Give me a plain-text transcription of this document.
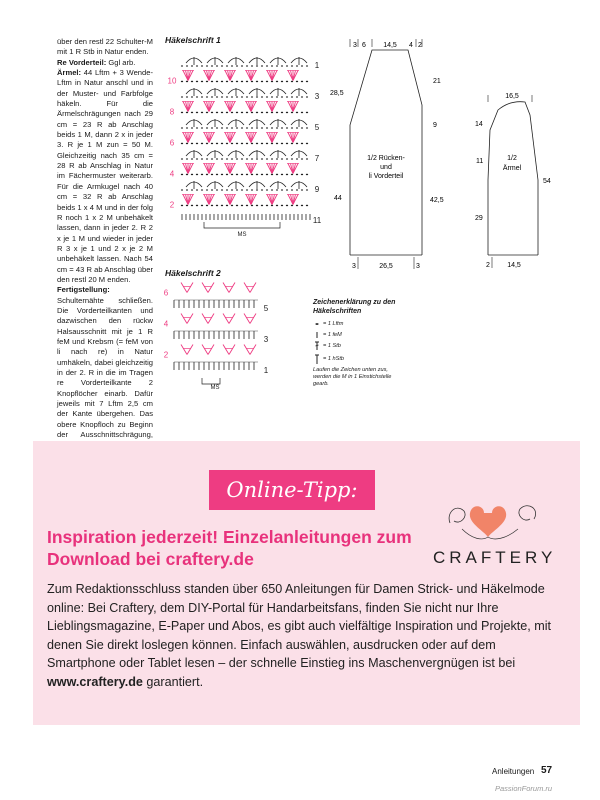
über den restl 22 Schulter-M mit 1 R Stb in Natur enden.

Re Vorderteil: Ggl arb.

Ärmel: 44 Lftm + 3 Wende-Lftm in Natur anschl und in der Muster- und Farbfolge häkeln. Für die Ärmelschrägungen nach 29 cm = 23 R ab Anschlag beids 1 M, dann 2 x in jeder 3. R je 1 M zun = 50 M. Gleichzeitig nach 35 cm = 28 R ab Anschlag in Natur im Fächermuster weiterarb. Für die Armkugel nach 40 cm = 32 R ab Anschlag beids 1 x 4 M und in der folg R noch 1 x 2 M unbehäkelt lassen, dann in jeder 2. R 2 x je 1 M und wieder in jeder R 3 x je 1 und 2 x je 2 M unbehäkelt lassen. Nach 54 cm = 43 R ab Anschlag über den restl 20 M enden.

Fertigstellung: Schulternähte schließen. Die Vorderteilkanten und dazwischen den rückw Halsausschnitt mit je 1 R feM und Krebsm (= feM von li nach re) in Natur umhäkeln, dabei gleichzeitig in der 2. R in die im Tragen re Vorderteilkante 2 Knopflöcher einarb. Dafür jeweils mit 7 Lftm 2,5 cm der Kante übergehen. Das obere Knopfloch zu Beginn der Ausschnittschrägung,

Häkelschrift 1
11
9
7
5
3
1
10
8
6
4
2
MS
Häkelschrift 2
5
3
1
6
4
2
MS
Zeichenerklärung zu den Häkelschriften
= 1 Lftm
= 1 feM
= 1 Stb
= 1 hStb
Laufen die Zeichen unten zus, werden die M in 1 Einstichstelle gearb.
3 6 14,5 4 2
28,5
44
21
9
42,5
1/2 Rücken-
und
li Vorderteil
3	26,5	3
16,5
14
11
29
54
1/2
Ärmel
2 14,5
Online-Tipp:
Inspiration jederzeit! Einzelanleitungen zum Download bei craftery.de
Zum Redaktionsschluss standen über 650 Anleitungen für Damen Strick- und Häkelmode online: Bei Craftery, dem DIY-Portal für Handarbeitsfans, finden Sie nicht nur Ihre Lieblingsmagazine, E-Paper und Abos, es gibt auch vielfältige Inspiration und Projekte, mit denen Sie direkt loslegen können. Einfach auswählen, ausdrucken oder auf dem Smartphone oder Tablet lesen – der schnelle Einstieg ins Maschenvergnügen ist bei www.craftery.de garantiert.
CRAFTERY
Anleitungen 57
PassionForum.ru
